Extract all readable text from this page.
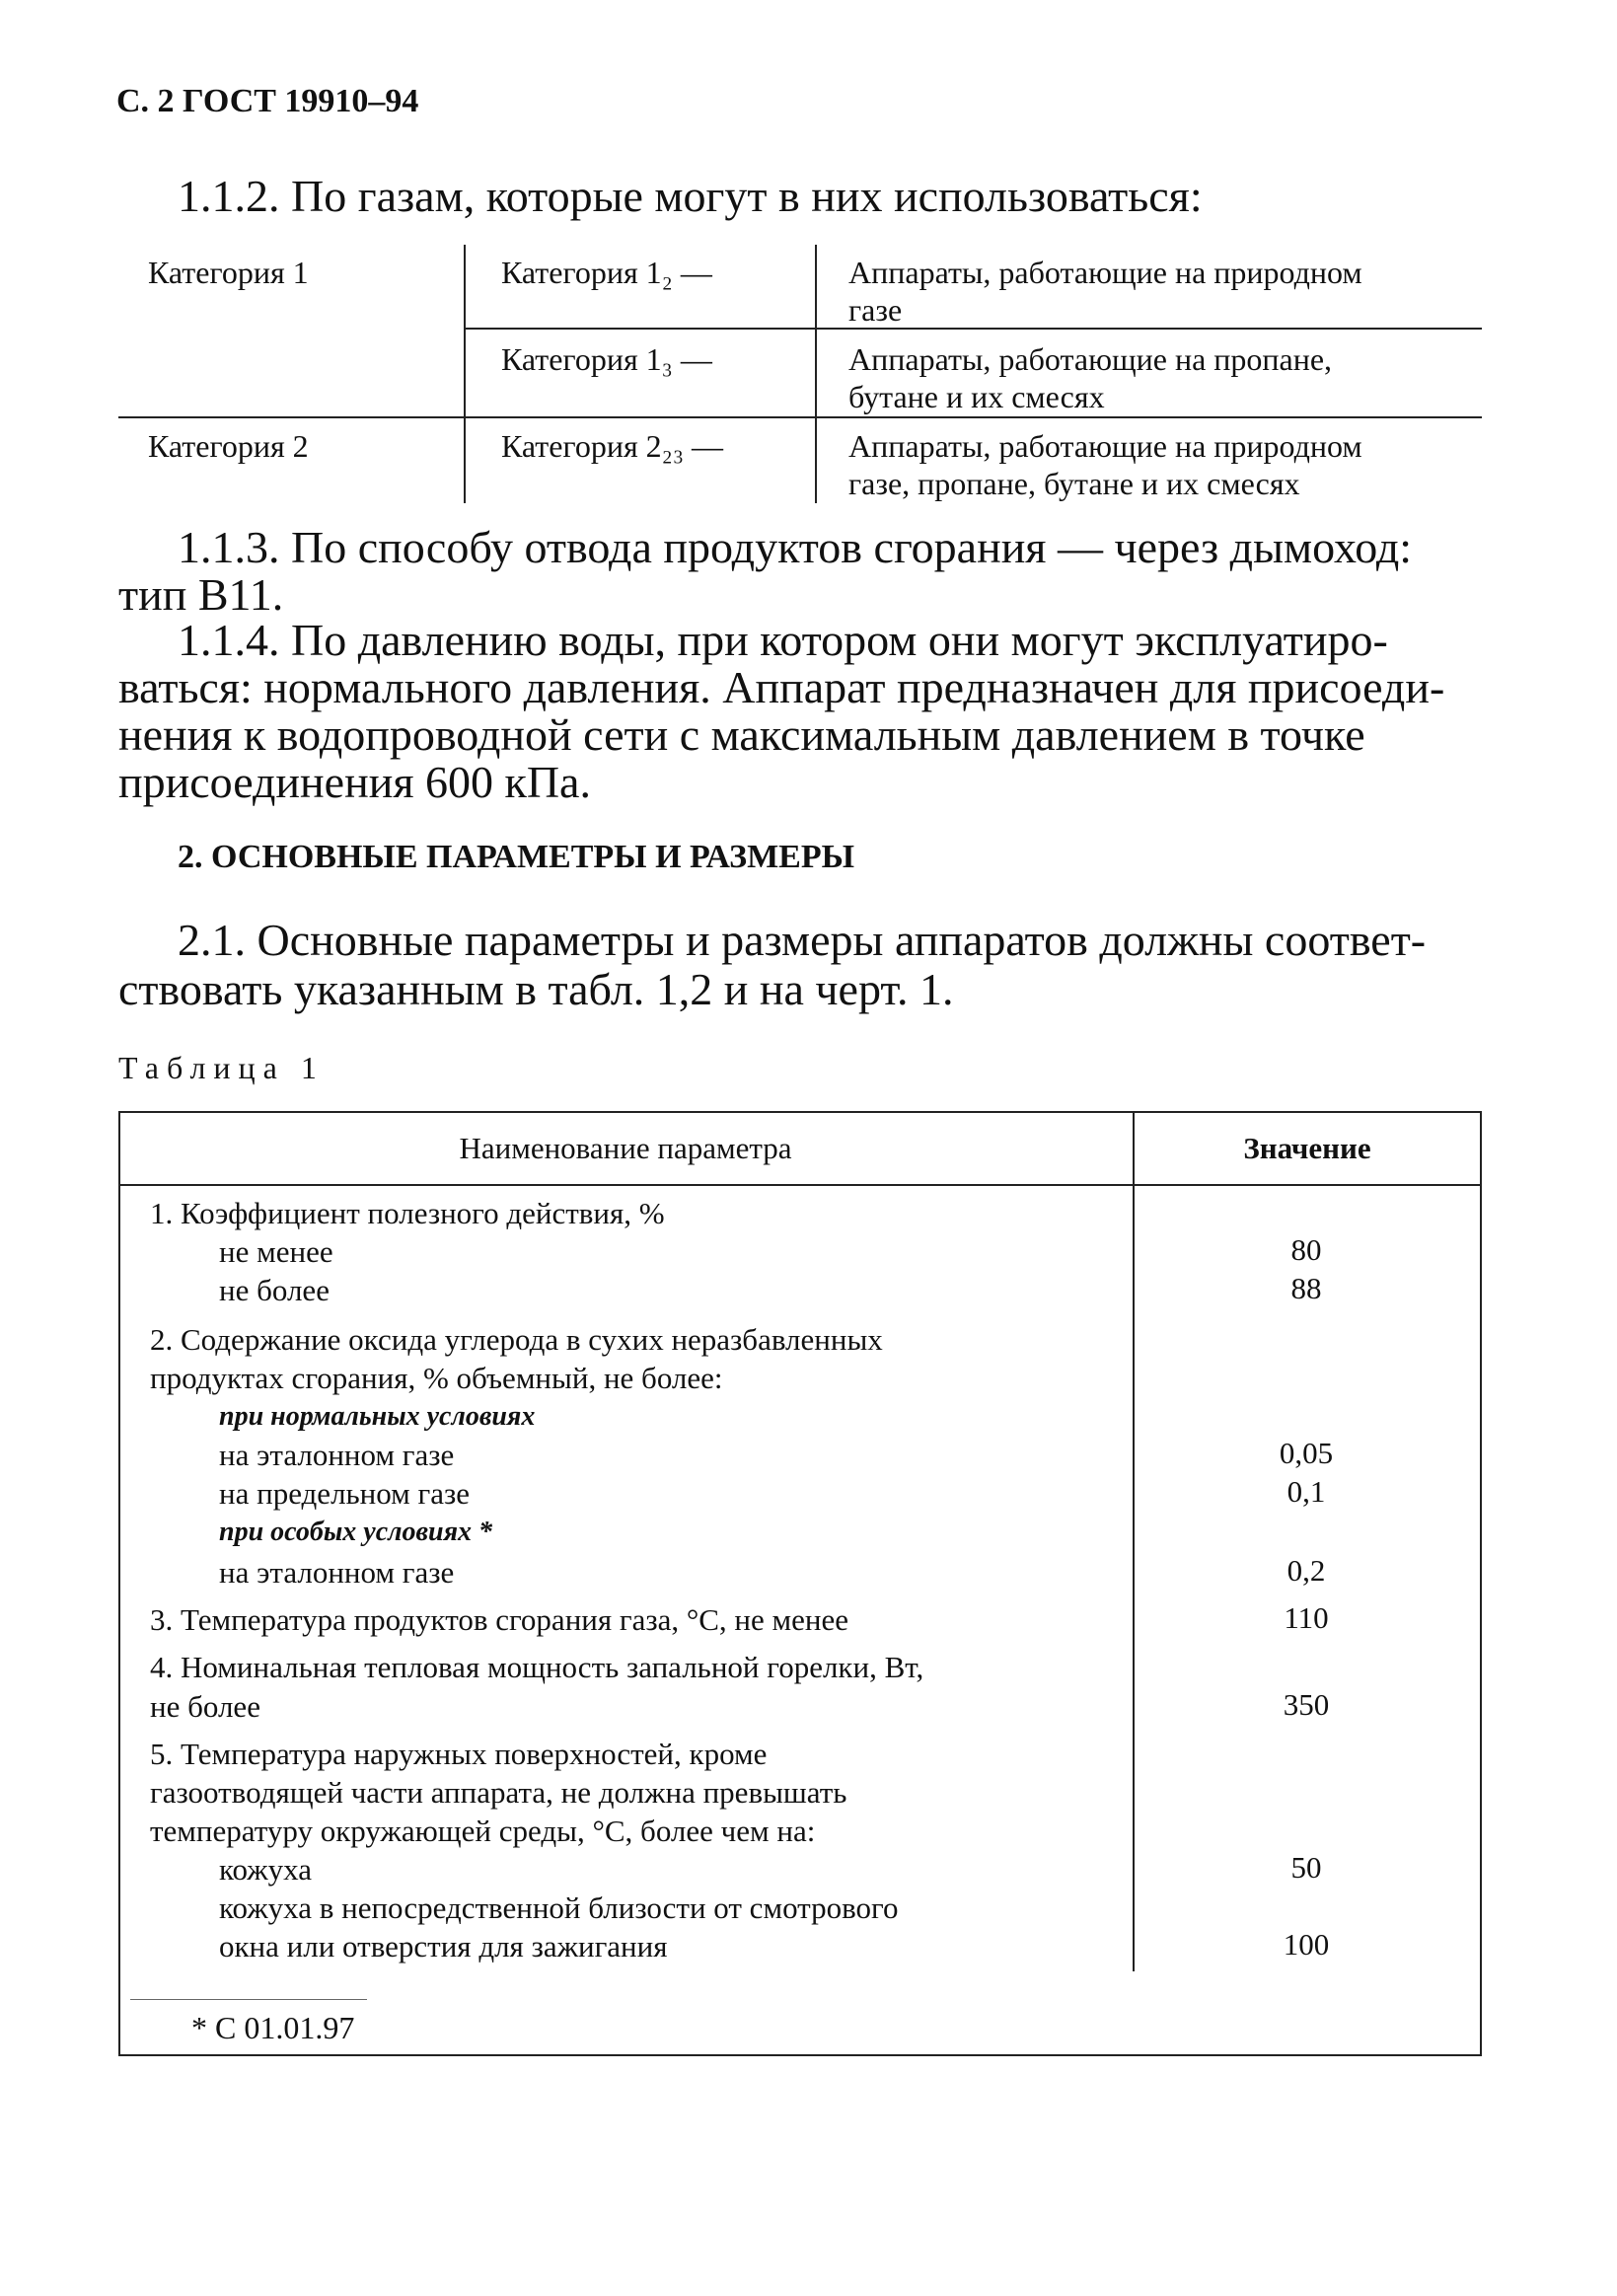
С. 2 ГОСТ 19910–94
1.1.2. По газам, которые могут в них использоваться:
Категория 1	Категория 1₂ —	Аппараты, работающие на природном
газе
Категория 1₃ —	Аппараты, работающие на пропане,
бутане и их смесях
Категория 2	Категория 2₂₃ —	Аппараты, работающие на природном
газе, пропане, бутане и их смесях
1.1.3. По способу отвода продуктов сгорания — через дымоход:
тип B11.
1.1.4. По давлению воды, при котором они могут эксплуатиро-
ваться: нормального давления. Аппарат предназначен для присоеди-
нения к водопроводной сети с максимальным давлением в точке
присоединения 600 кПа.
2. ОСНОВНЫЕ ПАРАМЕТРЫ И РАЗМЕРЫ
2.1. Основные параметры и размеры аппаратов должны соответ-
ствовать указанным в табл. 1,2 и на черт. 1.
Таблица 1
Наименование параметра	Значение
1. Коэффициент полезного действия, %
не менее	80
не более	88
2. Содержание оксида углерода в сухих неразбавленных
продуктах сгорания, % объемный, не более:
при нормальных условиях
на эталонном газе	0,05
на предельном газе	0,1
при особых условиях *
на эталонном газе	0,2
3. Температура продуктов сгорания газа, °С, не менее	110
4. Номинальная тепловая мощность запальной горелки, Вт,
не более	350
5. Температура наружных поверхностей, кроме
газоотводящей части аппарата, не должна превышать
температуру окружающей среды, °С, более чем на:
кожуха	50
кожуха в непосредственной близости от смотрового
окна или отверстия для зажигания	100
* С 01.01.97
